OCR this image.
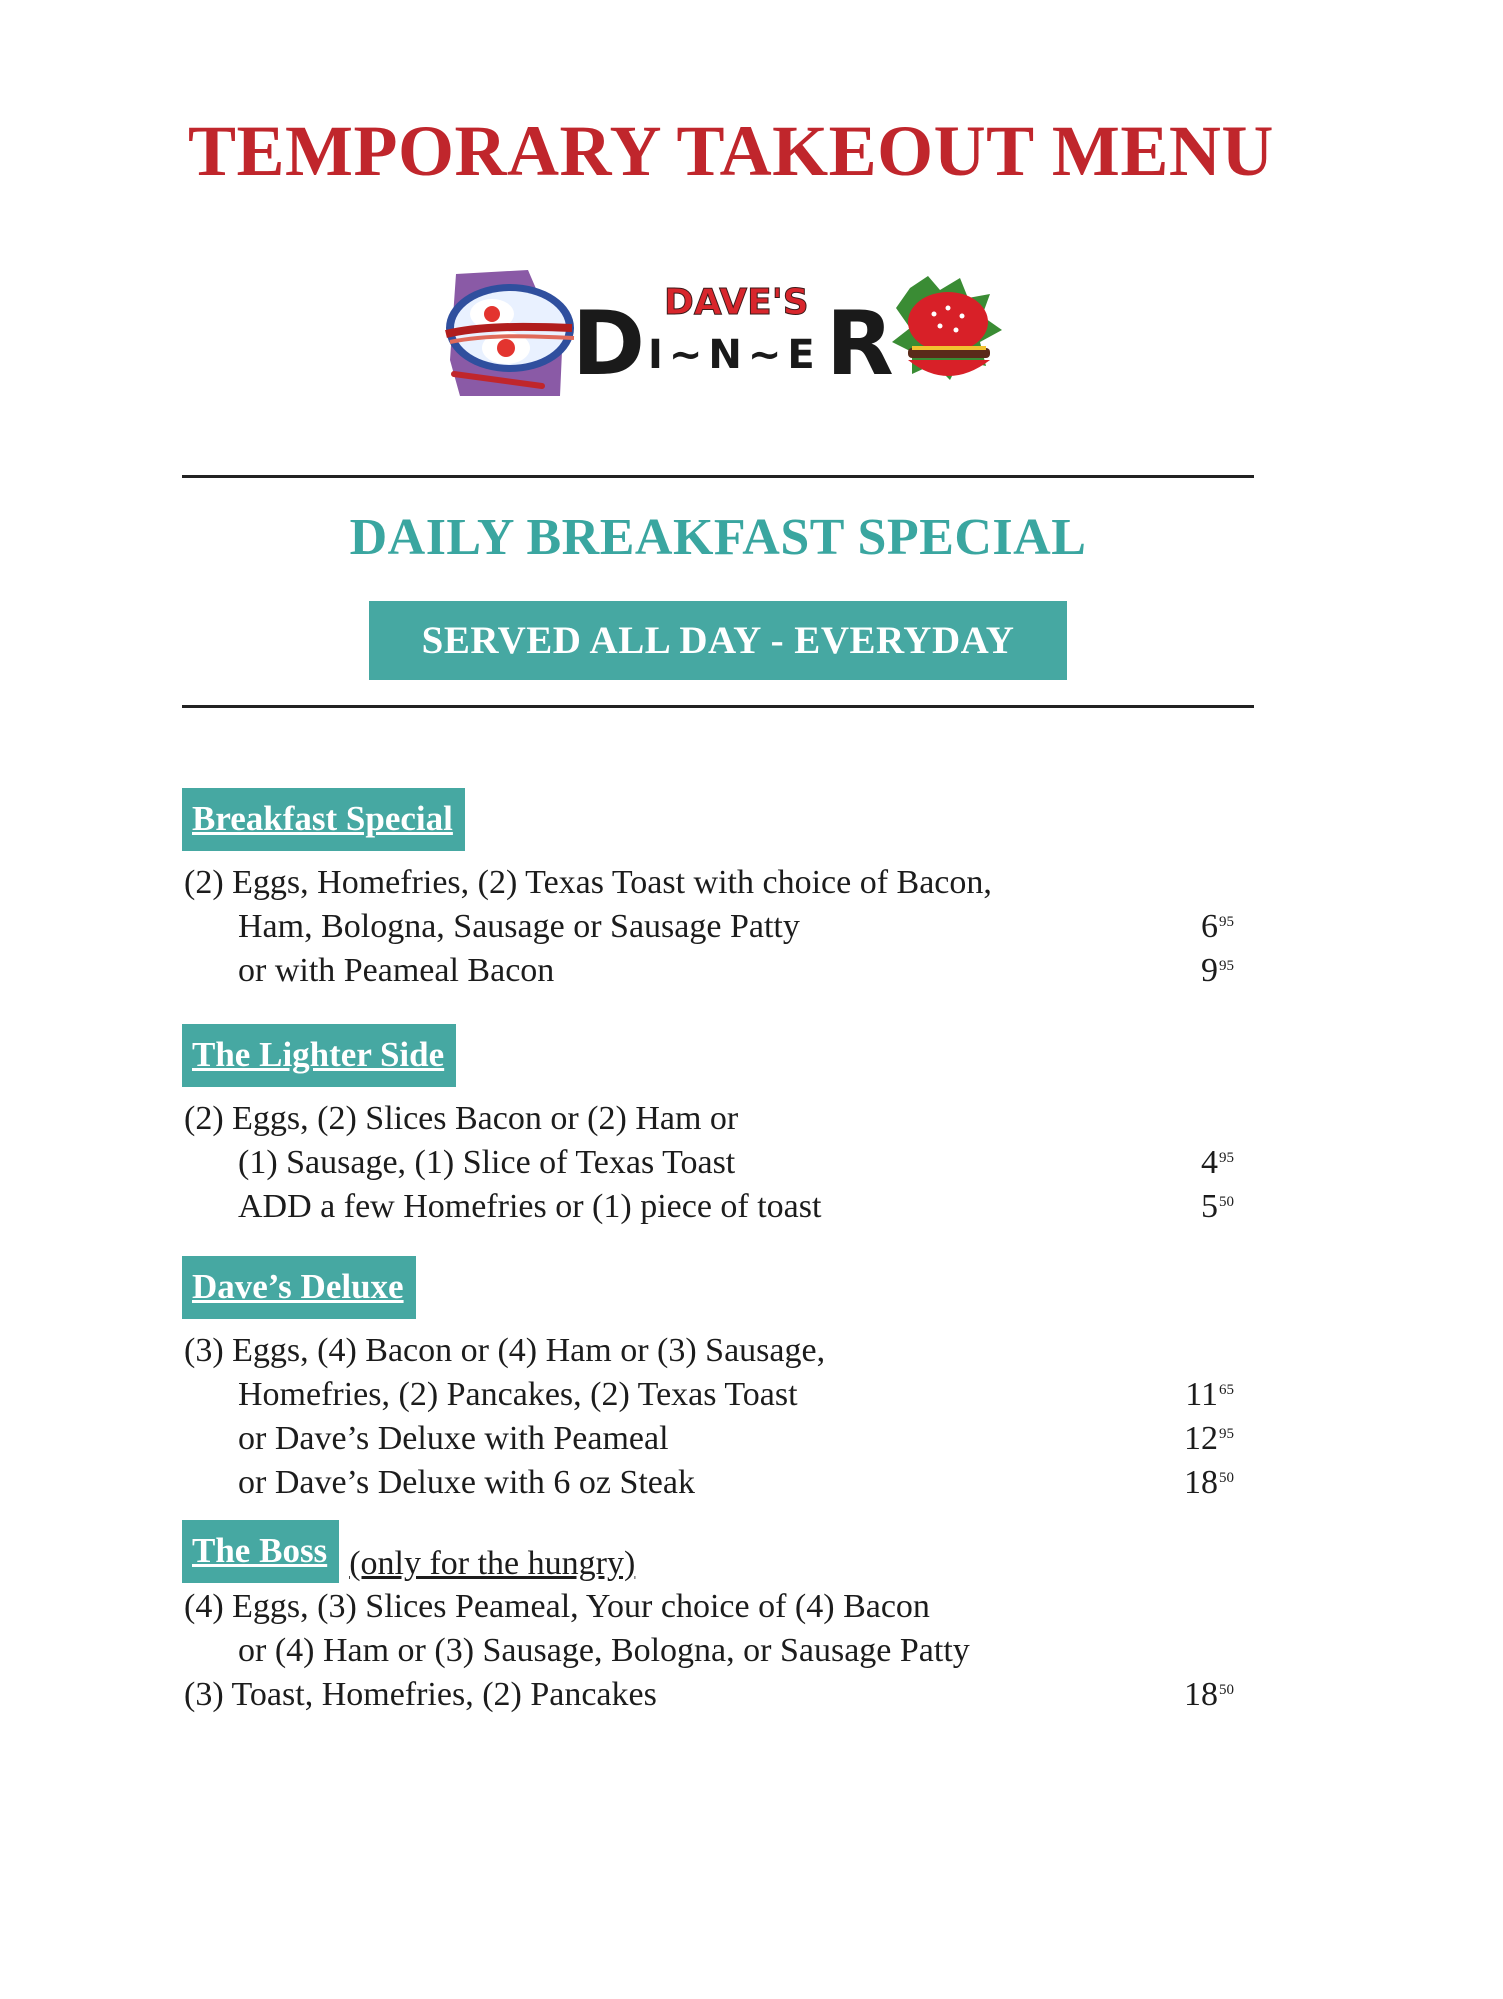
TEMPORARY TAKEOUT MENU
D DAVE'S
I~N~E R
DAILY BREAKFAST SPECIAL
SERVED ALL DAY - EVERYDAY
Breakfast Special
(2) Eggs, Homefries, (2) Texas Toast with choice of Bacon,
Ham, Bologna, Sausage or Sausage Patty	$6^{95}$
or with Peameal Bacon	$9^{95}$
The Lighter Side
(2) Eggs, (2) Slices Bacon or (2) Ham or
(1) Sausage, (1) Slice of Texas Toast	$4^{95}$
ADD a few Homefries or (1) piece of toast	$5^{50}$
Dave’s Deluxe
(3) Eggs, (4) Bacon or (4) Ham or (3) Sausage,
Homefries, (2) Pancakes, (2) Texas Toast	$11^{65}$
or Dave’s Deluxe with Peameal	$12^{95}$
or Dave’s Deluxe with 6 oz Steak	$18^{50}$
The Boss (only for the hungry)
(4) Eggs, (3) Slices Peameal, Your choice of (4) Bacon
or (4) Ham or (3) Sausage, Bologna, or Sausage Patty
(3) Toast, Homefries, (2) Pancakes	$18^{50}$
